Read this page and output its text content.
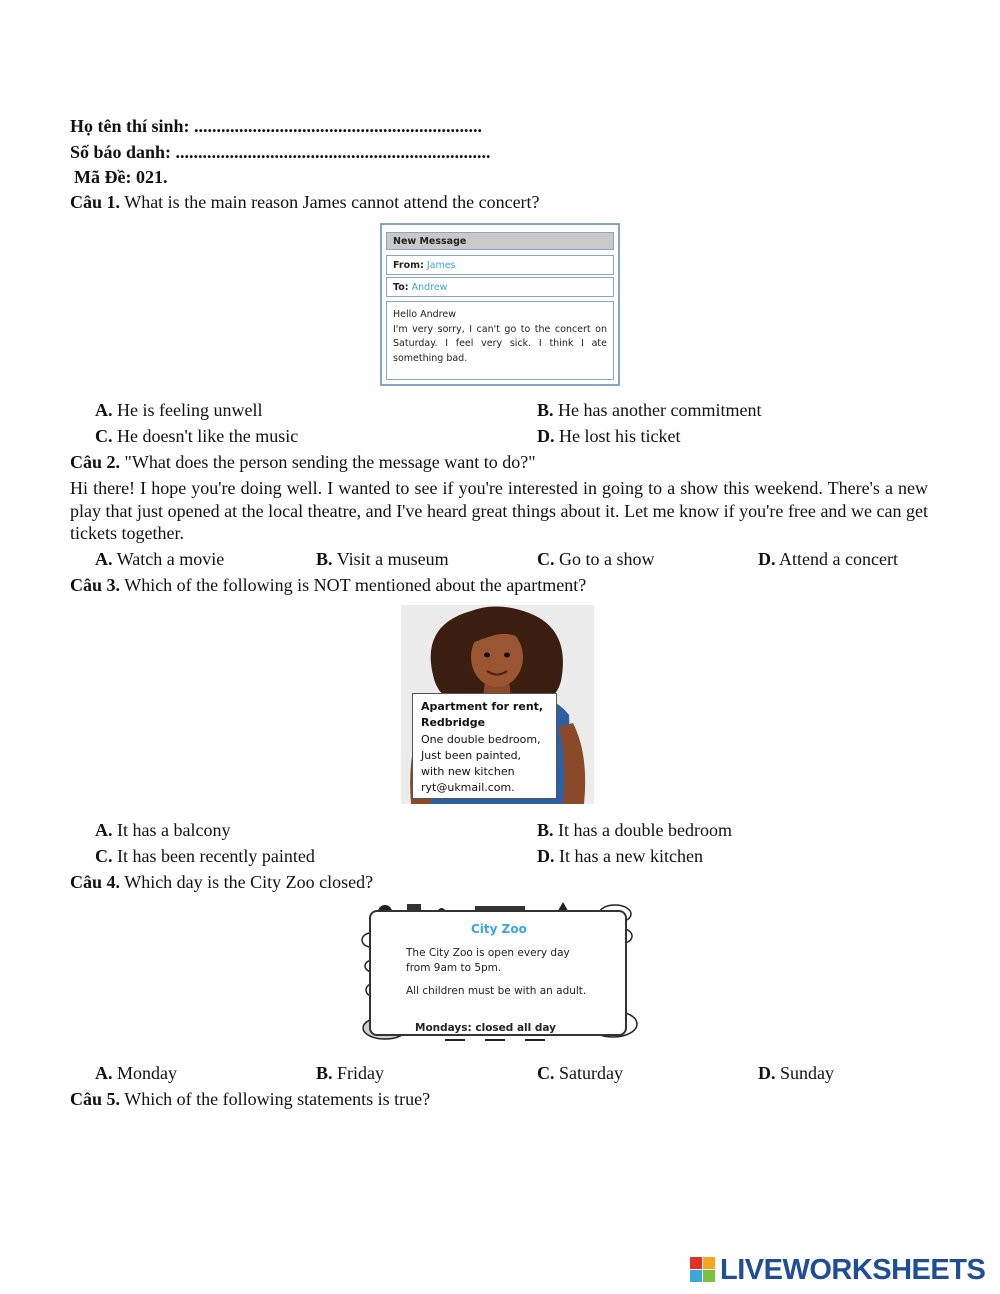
Họ tên thí sinh: ................................................................
Số báo danh: ......................................................................
Mã Đề: 021.
Câu 1. What is the main reason James cannot attend the concert?
New Message
From: James
To: Andrew
Hello Andrew
I'm very sorry, I can't go to the concert on Saturday. I feel very sick. I think I ate something bad.
A. He is feeling unwell	B. He has another commitment
C. He doesn't like the music	D. He lost his ticket
Câu 2. "What does the person sending the message want to do?"
Hi there! I hope you're doing well. I wanted to see if you're interested in going to a show this weekend. There's a new play that just opened at the local theatre, and I've heard great things about it. Let me know if you're free and we can get tickets together.
A. Watch a movie	B. Visit a museum	C. Go to a show	D. Attend a concert
Câu 3. Which of the following is NOT mentioned about the apartment?
Apartment for rent,
Redbridge
One double bedroom,
Just been painted,
with new kitchen
ryt@ukmail.com.
A. It has a balcony	B. It has a double bedroom
C. It has been recently painted	D. It has a new kitchen
Câu 4. Which day is the City Zoo closed?
City Zoo
The City Zoo is open every day
from 9am to 5pm.
All children must be with an adult.
Mondays: closed all day
A. Monday	B. Friday	C. Saturday	D. Sunday
Câu 5. Which of the following statements is true?
LIVEWORKSHEETS
